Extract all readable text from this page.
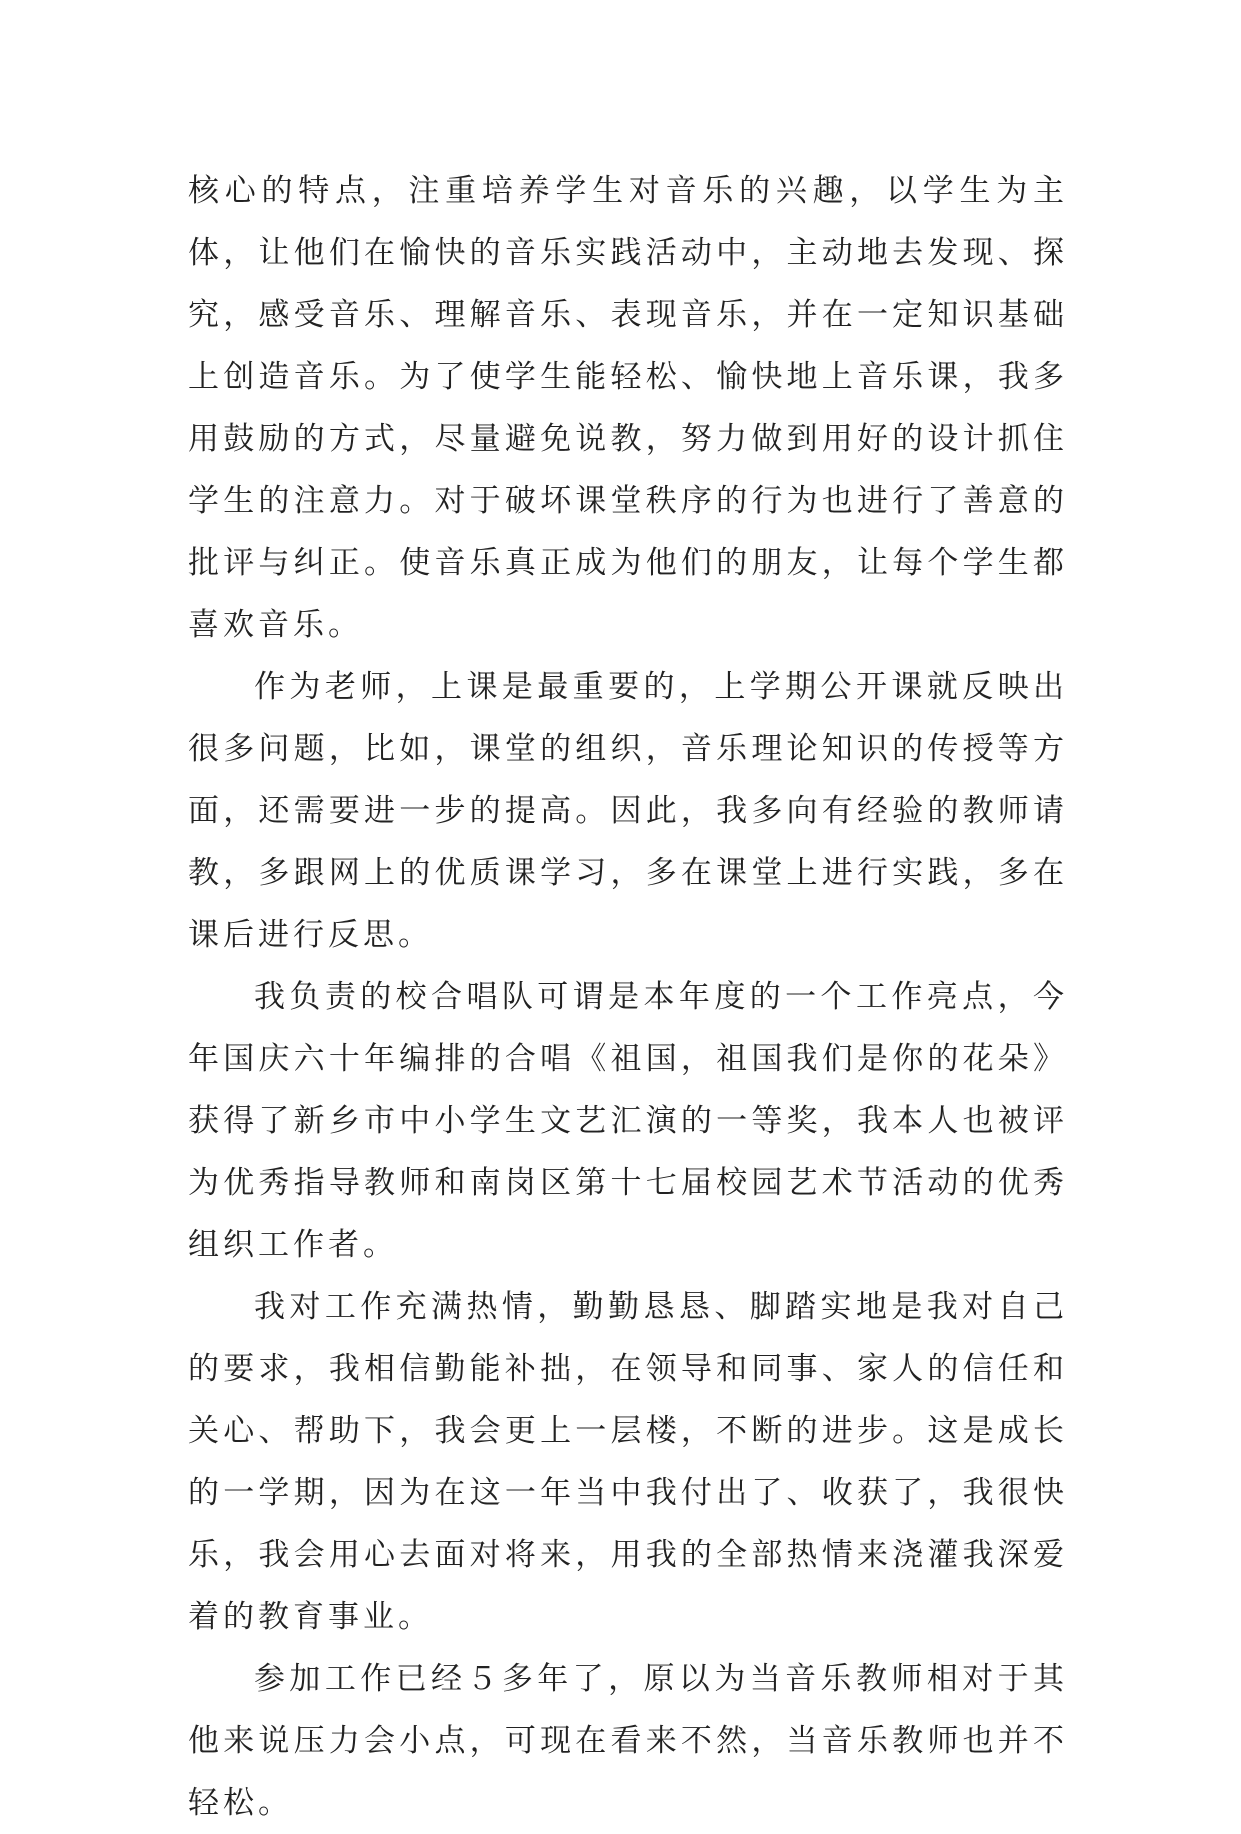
核心的特点，注重培养学生对音乐的兴趣，以学生为主体，让他们在愉快的音乐实践活动中，主动地去发现、探究，感受音乐、理解音乐、表现音乐，并在一定知识基础上创造音乐。为了使学生能轻松、愉快地上音乐课，我多用鼓励的方式，尽量避免说教，努力做到用好的设计抓住学生的注意力。对于破坏课堂秩序的行为也进行了善意的批评与纠正。使音乐真正成为他们的朋友，让每个学生都喜欢音乐。

作为老师，上课是最重要的，上学期公开课就反映出很多问题，比如，课堂的组织，音乐理论知识的传授等方面，还需要进一步的提高。因此，我多向有经验的教师请教，多跟网上的优质课学习，多在课堂上进行实践，多在课后进行反思。

我负责的校合唱队可谓是本年度的一个工作亮点，今年国庆六十年编排的合唱《祖国，祖国我们是你的花朵》获得了新乡市中小学生文艺汇演的一等奖，我本人也被评为优秀指导教师和南岗区第十七届校园艺术节活动的优秀组织工作者。

我对工作充满热情，勤勤恳恳、脚踏实地是我对自己的要求，我相信勤能补拙，在领导和同事、家人的信任和关心、帮助下，我会更上一层楼，不断的进步。这是成长的一学期，因为在这一年当中我付出了、收获了，我很快乐，我会用心去面对将来，用我的全部热情来浇灌我深爱着的教育事业。

参加工作已经５多年了，原以为当音乐教师相对于其他来说压力会小点，可现在看来不然，当音乐教师也并不轻松。
